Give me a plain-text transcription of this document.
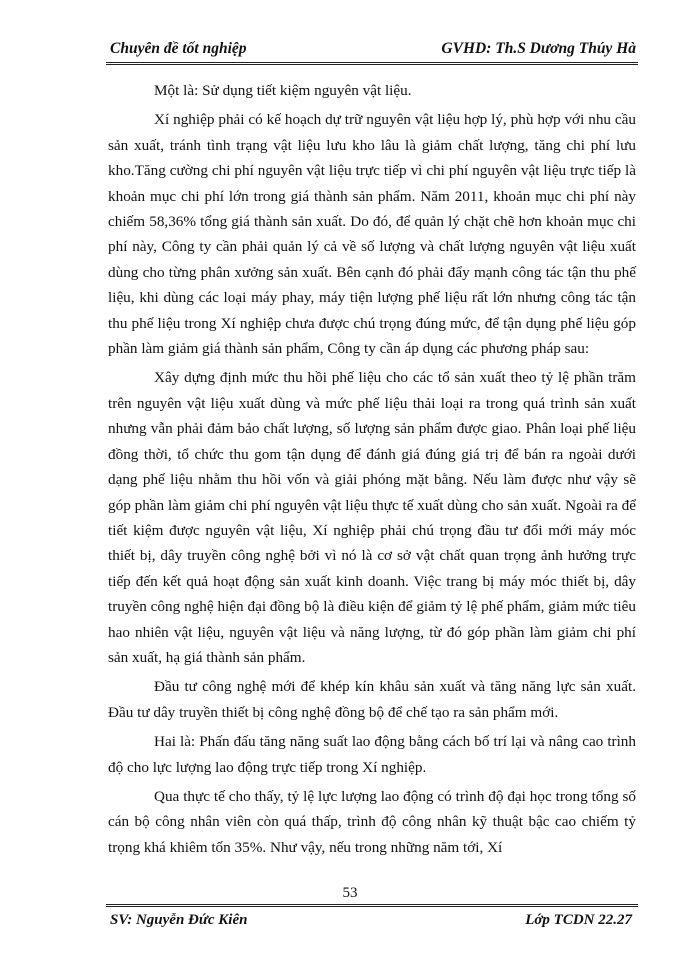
Chuyên đề tốt nghiệp	GVHD: Th.S Dương Thúy Hà

Một là: Sử dụng tiết kiệm nguyên vật liệu.

Xí nghiệp phải có kế hoạch dự trữ nguyên vật liệu hợp lý, phù hợp với nhu cầu sản xuất, tránh tình trạng vật liệu lưu kho lâu là giảm chất lượng, tăng chi phí lưu kho.Tăng cường chi phí nguyên vật liệu trực tiếp vì chi phí nguyên vật liệu trực tiếp là khoản mục chi phí lớn trong giá thành sản phẩm. Năm 2011, khoản mục chi phí này chiếm 58,36% tổng giá thành sản xuất. Do đó, để quản lý chặt chẽ hơn khoản mục chi phí này, Công ty cần phải quản lý cả về số lượng và chất lượng nguyên vật liệu xuất dùng cho từng phân xưởng sản xuất. Bên cạnh đó phải đẩy mạnh công tác tận thu phế liệu, khi dùng các loại máy phay, máy tiện lượng phế liệu rất lớn nhưng công tác tận thu phế liệu trong Xí nghiệp chưa được chú trọng đúng mức, để tận dụng phế liệu góp phần làm giảm giá thành sản phẩm, Công ty cần áp dụng các phương pháp sau:

Xây dựng định mức thu hồi phế liệu cho các tổ sản xuất theo tỷ lệ phần trăm trên nguyên vật liệu xuất dùng và mức phế liệu thải loại ra trong quá trình sản xuất nhưng vẫn phải đảm bảo chất lượng, số lượng sản phẩm được giao. Phân loại phế liệu đồng thời, tổ chức thu gom tận dụng để đánh giá đúng giá trị để bán ra ngoài dưới dạng phế liệu nhằm thu hồi vốn và giải phóng mặt bằng. Nếu làm được như vậy sẽ góp phần làm giảm chi phí nguyên vật liệu thực tế xuất dùng cho sản xuất. Ngoài ra để tiết kiệm được nguyên vật liệu, Xí nghiệp phải chú trọng đầu tư đổi mới máy móc thiết bị, dây truyền công nghệ bởi vì nó là cơ sở vật chất quan trọng ảnh hưởng trực tiếp đến kết quả hoạt động sản xuất kinh doanh. Việc trang bị máy móc thiết bị, dây truyền công nghệ hiện đại đồng bộ là điều kiện để giảm tỷ lệ phế phẩm, giảm mức tiêu hao nhiên vật liệu, nguyên vật liệu và năng lượng, từ đó góp phần làm giảm chi phí sản xuất, hạ giá thành sản phẩm.

Đầu tư công nghệ mới để khép kín khâu sản xuất và tăng năng lực sản xuất. Đầu tư dây truyền thiết bị công nghệ đồng bộ để chế tạo ra sản phẩm mới.

Hai là: Phấn đấu tăng năng suất lao động bằng cách bố trí lại và nâng cao trình độ cho lực lượng lao động trực tiếp trong Xí nghiệp.

Qua thực tế cho thấy, tỷ lệ lực lượng lao động có trình độ đại học trong tổng số cán bộ công nhân viên còn quá thấp, trình độ công nhân kỹ thuật bậc cao chiếm tỷ trọng khá khiêm tốn 35%. Như vậy, nếu trong những năm tới, Xí

53
SV: Nguyễn Đức Kiên	Lớp TCDN 22.27
